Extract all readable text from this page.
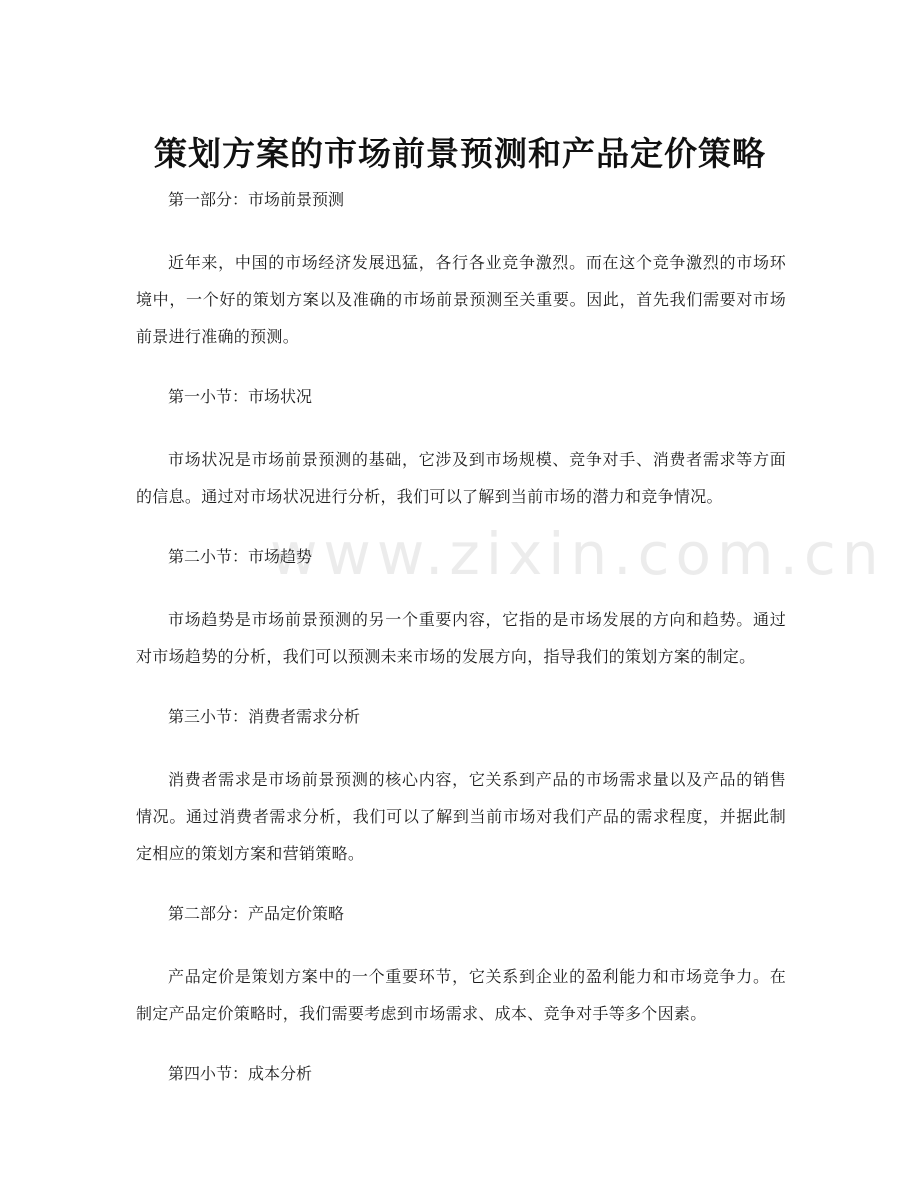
www.zixin.com.cn
策划方案的市场前景预测和产品定价策略

第一部分：市场前景预测

近年来，中国的市场经济发展迅猛，各行各业竞争激烈。而在这个竞争激烈的市场环境中，一个好的策划方案以及准确的市场前景预测至关重要。因此，首先我们需要对市场前景进行准确的预测。

第一小节：市场状况

市场状况是市场前景预测的基础，它涉及到市场规模、竞争对手、消费者需求等方面的信息。通过对市场状况进行分析，我们可以了解到当前市场的潜力和竞争情况。

第二小节：市场趋势

市场趋势是市场前景预测的另一个重要内容，它指的是市场发展的方向和趋势。通过对市场趋势的分析，我们可以预测未来市场的发展方向，指导我们的策划方案的制定。

第三小节：消费者需求分析

消费者需求是市场前景预测的核心内容，它关系到产品的市场需求量以及产品的销售情况。通过消费者需求分析，我们可以了解到当前市场对我们产品的需求程度，并据此制定相应的策划方案和营销策略。

第二部分：产品定价策略

产品定价是策划方案中的一个重要环节，它关系到企业的盈利能力和市场竞争力。在制定产品定价策略时，我们需要考虑到市场需求、成本、竞争对手等多个因素。

第四小节：成本分析
